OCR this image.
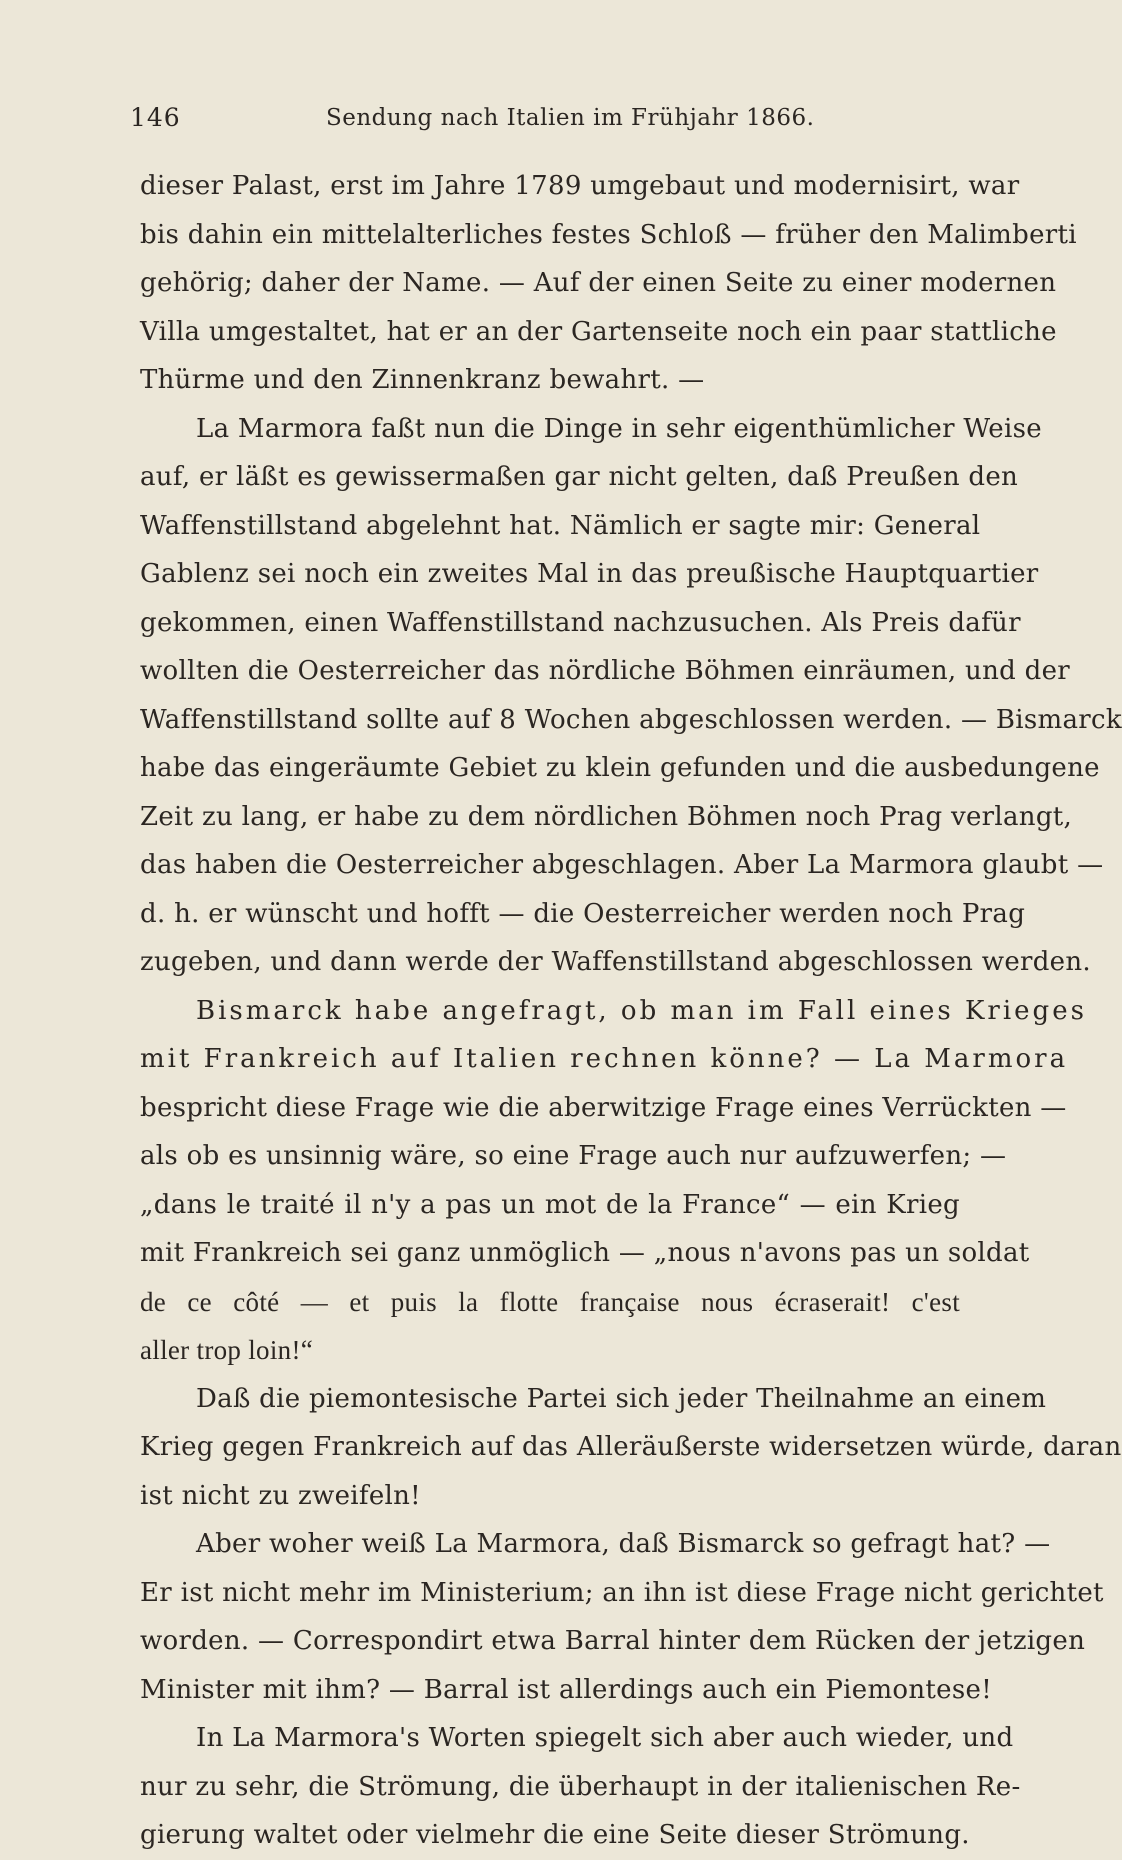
146	Sendung nach Italien im Frühjahr 1866.
dieser Palast, erst im Jahre 1789 umgebaut und modernisirt, war
bis dahin ein mittelalterliches festes Schloß — früher den Malimberti
gehörig; daher der Name. — Auf der einen Seite zu einer modernen
Villa umgestaltet, hat er an der Gartenseite noch ein paar stattliche
Thürme und den Zinnenkranz bewahrt. —
La Marmora faßt nun die Dinge in sehr eigenthümlicher Weise
auf, er läßt es gewissermaßen gar nicht gelten, daß Preußen den
Waffenstillstand abgelehnt hat. Nämlich er sagte mir: General
Gablenz sei noch ein zweites Mal in das preußische Hauptquartier
gekommen, einen Waffenstillstand nachzusuchen. Als Preis dafür
wollten die Oesterreicher das nördliche Böhmen einräumen, und der
Waffenstillstand sollte auf 8 Wochen abgeschlossen werden. — Bismarck
habe das eingeräumte Gebiet zu klein gefunden und die ausbedungene
Zeit zu lang, er habe zu dem nördlichen Böhmen noch Prag verlangt,
das haben die Oesterreicher abgeschlagen. Aber La Marmora glaubt —
d. h. er wünscht und hofft — die Oesterreicher werden noch Prag
zugeben, und dann werde der Waffenstillstand abgeschlossen werden.
Bismarck habe angefragt, ob man im Fall eines Krieges
mit Frankreich auf Italien rechnen könne? — La Marmora
bespricht diese Frage wie die aberwitzige Frage eines Verrückten —
als ob es unsinnig wäre, so eine Frage auch nur aufzuwerfen; —
„dans le traité il n'y a pas un mot de la France“ — ein Krieg
mit Frankreich sei ganz unmöglich — „nous n'avons pas un soldat
de ce côté — et puis la flotte française nous écraserait! c'est
aller trop loin!“
Daß die piemontesische Partei sich jeder Theilnahme an einem
Krieg gegen Frankreich auf das Alleräußerste widersetzen würde, daran
ist nicht zu zweifeln!
Aber woher weiß La Marmora, daß Bismarck so gefragt hat? —
Er ist nicht mehr im Ministerium; an ihn ist diese Frage nicht gerichtet
worden. — Correspondirt etwa Barral hinter dem Rücken der jetzigen
Minister mit ihm? — Barral ist allerdings auch ein Piemontese!
In La Marmora's Worten spiegelt sich aber auch wieder, und
nur zu sehr, die Strömung, die überhaupt in der italienischen Re-
gierung waltet oder vielmehr die eine Seite dieser Strömung.
